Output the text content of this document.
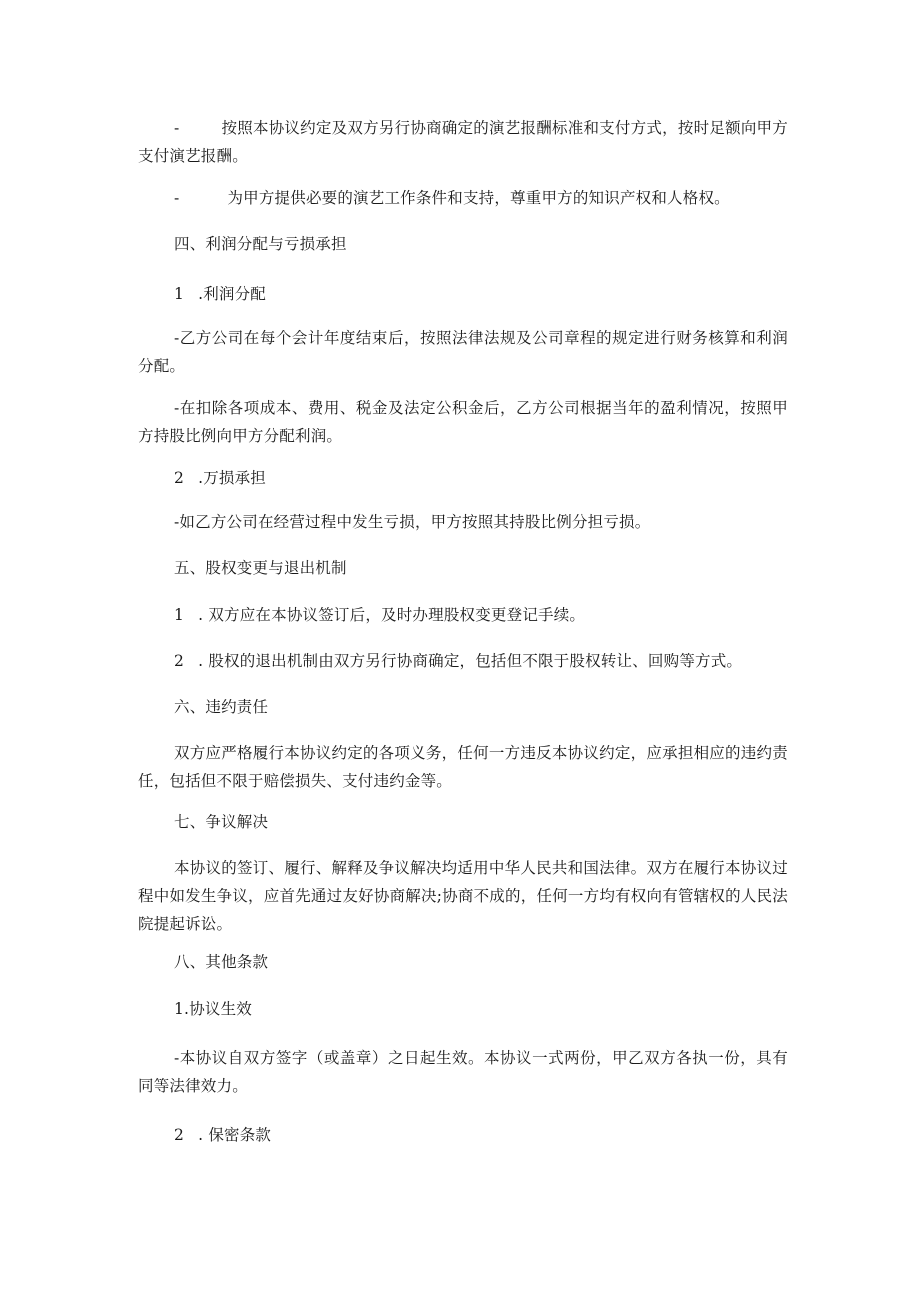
-	按照本协议约定及双方另行协商确定的演艺报酬标准和支付方式，按时足额向甲方支付演艺报酬。

-	为甲方提供必要的演艺工作条件和支持，尊重甲方的知识产权和人格权。

四、利润分配与亏损承担

1 .利润分配

-乙方公司在每个会计年度结束后，按照法律法规及公司章程的规定进行财务核算和利润分配。

-在扣除各项成本、费用、税金及法定公积金后，乙方公司根据当年的盈利情况，按照甲方持股比例向甲方分配利润。

2 .万损承担

-如乙方公司在经营过程中发生亏损，甲方按照其持股比例分担亏损。

五、股权变更与退出机制

1 . 双方应在本协议签订后，及时办理股权变更登记手续。

2 . 股权的退出机制由双方另行协商确定，包括但不限于股权转让、回购等方式。

六、违约责任

双方应严格履行本协议约定的各项义务，任何一方违反本协议约定，应承担相应的违约责任，包括但不限于赔偿损失、支付违约金等。

七、争议解决

本协议的签订、履行、解释及争议解决均适用中华人民共和国法律。双方在履行本协议过程中如发生争议，应首先通过友好协商解决;协商不成的，任何一方均有权向有管辖权的人民法院提起诉讼。

八、其他条款

1.协议生效

-本协议自双方签字（或盖章）之日起生效。本协议一式两份，甲乙双方各执一份，具有同等法律效力。

2 . 保密条款
